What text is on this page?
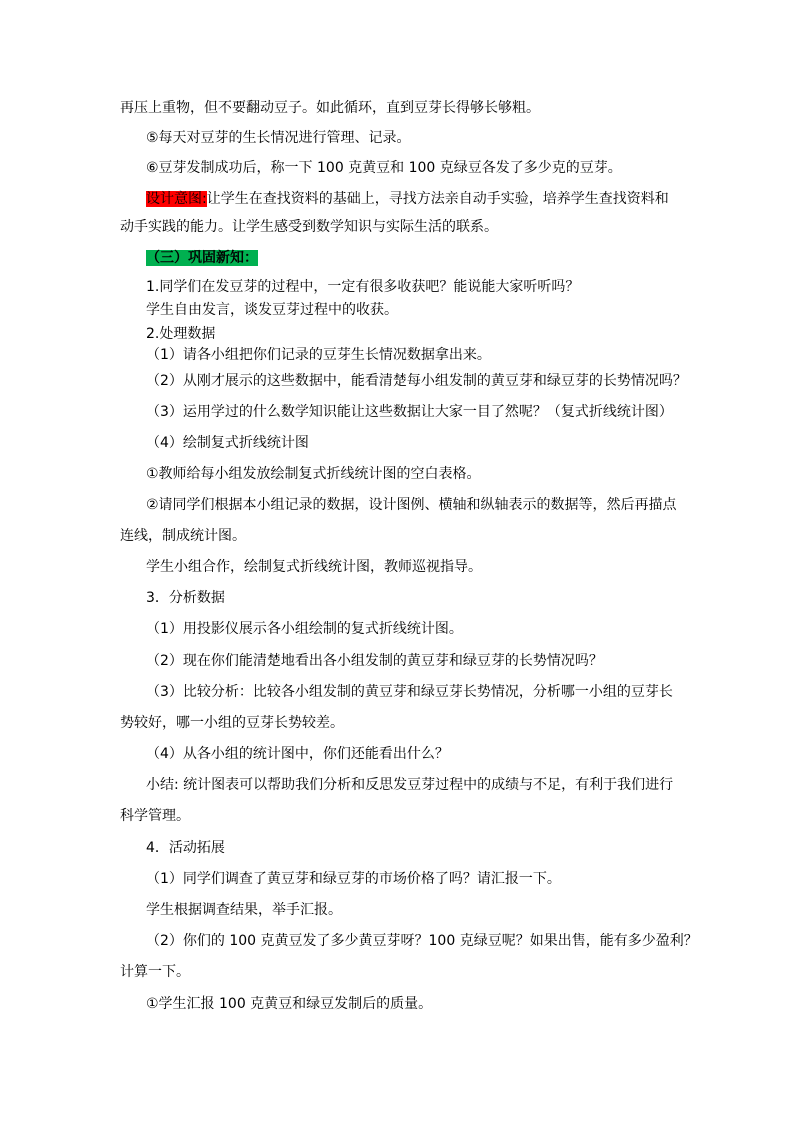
再压上重物，但不要翻动豆子。如此循环，直到豆芽长得够长够粗。
⑤每天对豆芽的生长情况进行管理、记录。
⑥豆芽发制成功后，称一下 100 克黄豆和 100 克绿豆各发了多少克的豆芽。
设计意图:让学生在查找资料的基础上，寻找方法亲自动手实验，培养学生查找资料和
动手实践的能力。让学生感受到数学知识与实际生活的联系。
（三）巩固新知：
1.同学们在发豆芽的过程中，一定有很多收获吧？能说能大家听听吗？
学生自由发言，谈发豆芽过程中的收获。
2.处理数据
（1）请各小组把你们记录的豆芽生长情况数据拿出来。
（2）从刚才展示的这些数据中，能看清楚每小组发制的黄豆芽和绿豆芽的长势情况吗？
（3）运用学过的什么数学知识能让这些数据让大家一目了然呢？（复式折线统计图）
（4）绘制复式折线统计图
①教师给每小组发放绘制复式折线统计图的空白表格。
②请同学们根据本小组记录的数据，设计图例、横轴和纵轴表示的数据等，然后再描点
连线，制成统计图。
学生小组合作，绘制复式折线统计图，教师巡视指导。
3．分析数据
（1）用投影仪展示各小组绘制的复式折线统计图。
（2）现在你们能清楚地看出各小组发制的黄豆芽和绿豆芽的长势情况吗？
（3）比较分析：比较各小组发制的黄豆芽和绿豆芽长势情况，分析哪一小组的豆芽长
势较好，哪一小组的豆芽长势较差。
（4）从各小组的统计图中，你们还能看出什么？
小结: 统计图表可以帮助我们分析和反思发豆芽过程中的成绩与不足，有利于我们进行
科学管理。
4．活动拓展
（1）同学们调查了黄豆芽和绿豆芽的市场价格了吗？请汇报一下。
学生根据调查结果，举手汇报。
（2）你们的 100 克黄豆发了多少黄豆芽呀？100 克绿豆呢？如果出售，能有多少盈利？
计算一下。
①学生汇报 100 克黄豆和绿豆发制后的质量。
